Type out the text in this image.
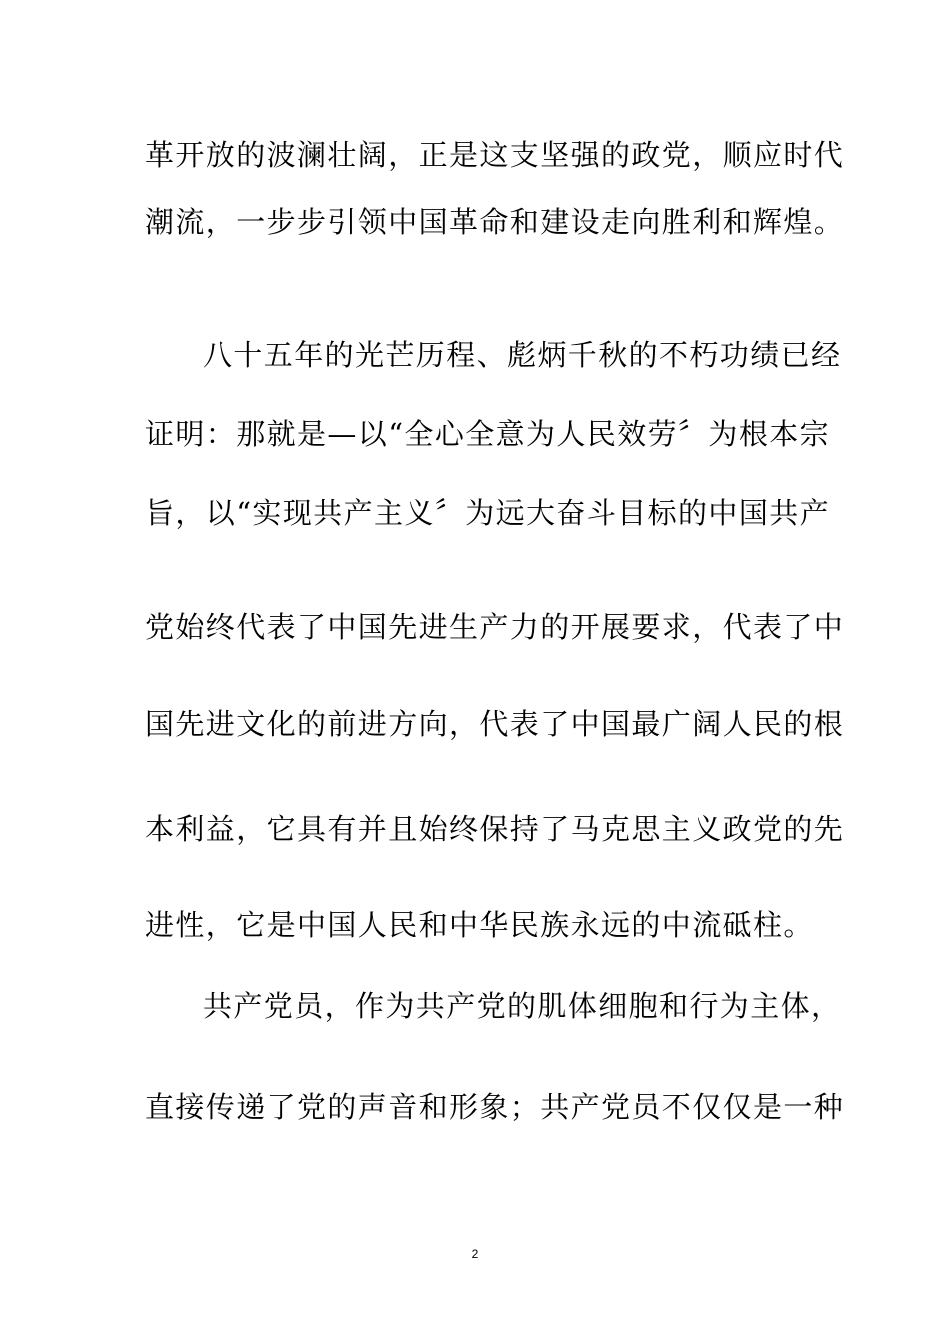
革开放的波澜壮阔，正是这支坚强的政党，顺应时代
潮流，一步步引领中国革命和建设走向胜利和辉煌。
八十五年的光芒历程、彪炳千秋的不朽功绩已经
证明：那就是—以“全心全意为人民效劳〞为根本宗
旨，以“实现共产主义〞为远大奋斗目标的中国共产
党始终代表了中国先进生产力的开展要求，代表了中
国先进文化的前进方向，代表了中国最广阔人民的根
本利益，它具有并且始终保持了马克思主义政党的先
进性，它是中国人民和中华民族永远的中流砥柱。
共产党员，作为共产党的肌体细胞和行为主体，
直接传递了党的声音和形象；共产党员不仅仅是一种
2
